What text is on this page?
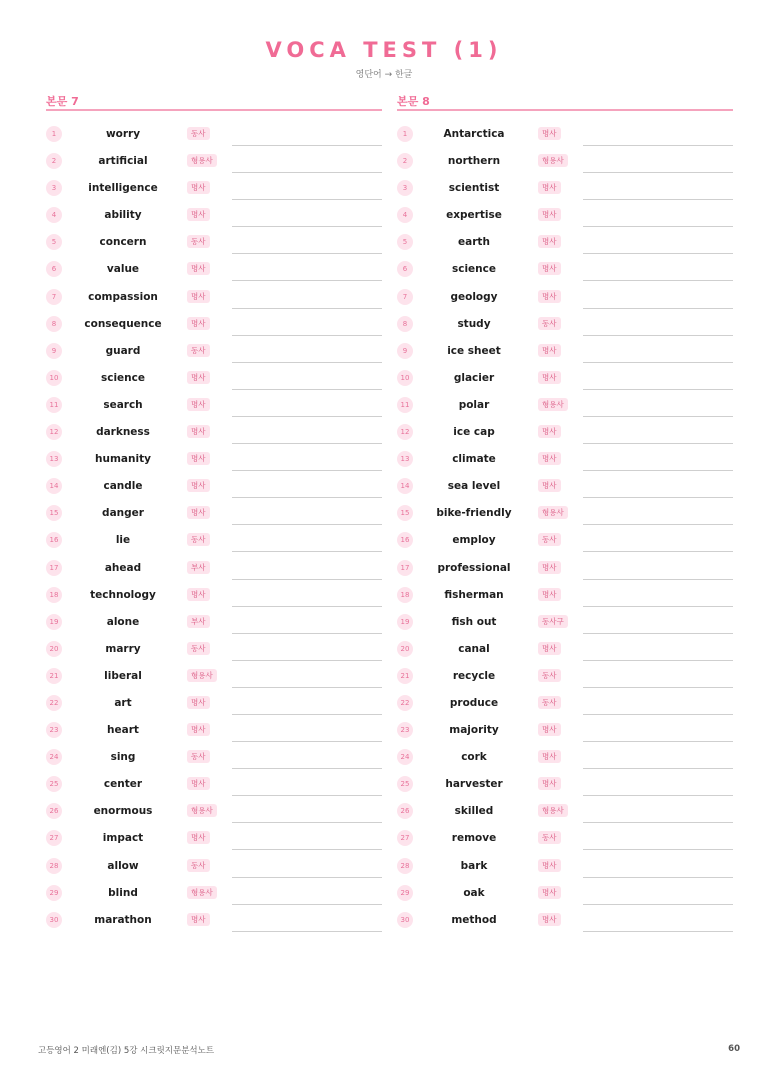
VOCA TEST (1)
영단어 → 한글
본문 7
1	worry	동사
2	artificial	형용사
3	intelligence	명사
4	ability	명사
5	concern	동사
6	value	명사
7	compassion	명사
8	consequence	명사
9	guard	동사
10	science	명사
11	search	명사
12	darkness	명사
13	humanity	명사
14	candle	명사
15	danger	명사
16	lie	동사
17	ahead	부사
18	technology	명사
19	alone	부사
20	marry	동사
21	liberal	형용사
22	art	명사
23	heart	명사
24	sing	동사
25	center	명사
26	enormous	형용사
27	impact	명사
28	allow	동사
29	blind	형용사
30	marathon	명사
본문 8
1	Antarctica	명사
2	northern	형용사
3	scientist	명사
4	expertise	명사
5	earth	명사
6	science	명사
7	geology	명사
8	study	동사
9	ice sheet	명사
10	glacier	명사
11	polar	형용사
12	ice cap	명사
13	climate	명사
14	sea level	명사
15	bike-friendly	형용사
16	employ	동사
17	professional	명사
18	fisherman	명사
19	fish out	동사구
20	canal	명사
21	recycle	동사
22	produce	동사
23	majority	명사
24	cork	명사
25	harvester	명사
26	skilled	형용사
27	remove	동사
28	bark	명사
29	oak	명사
30	method	명사
고등영어 2 미래엔(김) 5강 시크릿지문분석노트	60
